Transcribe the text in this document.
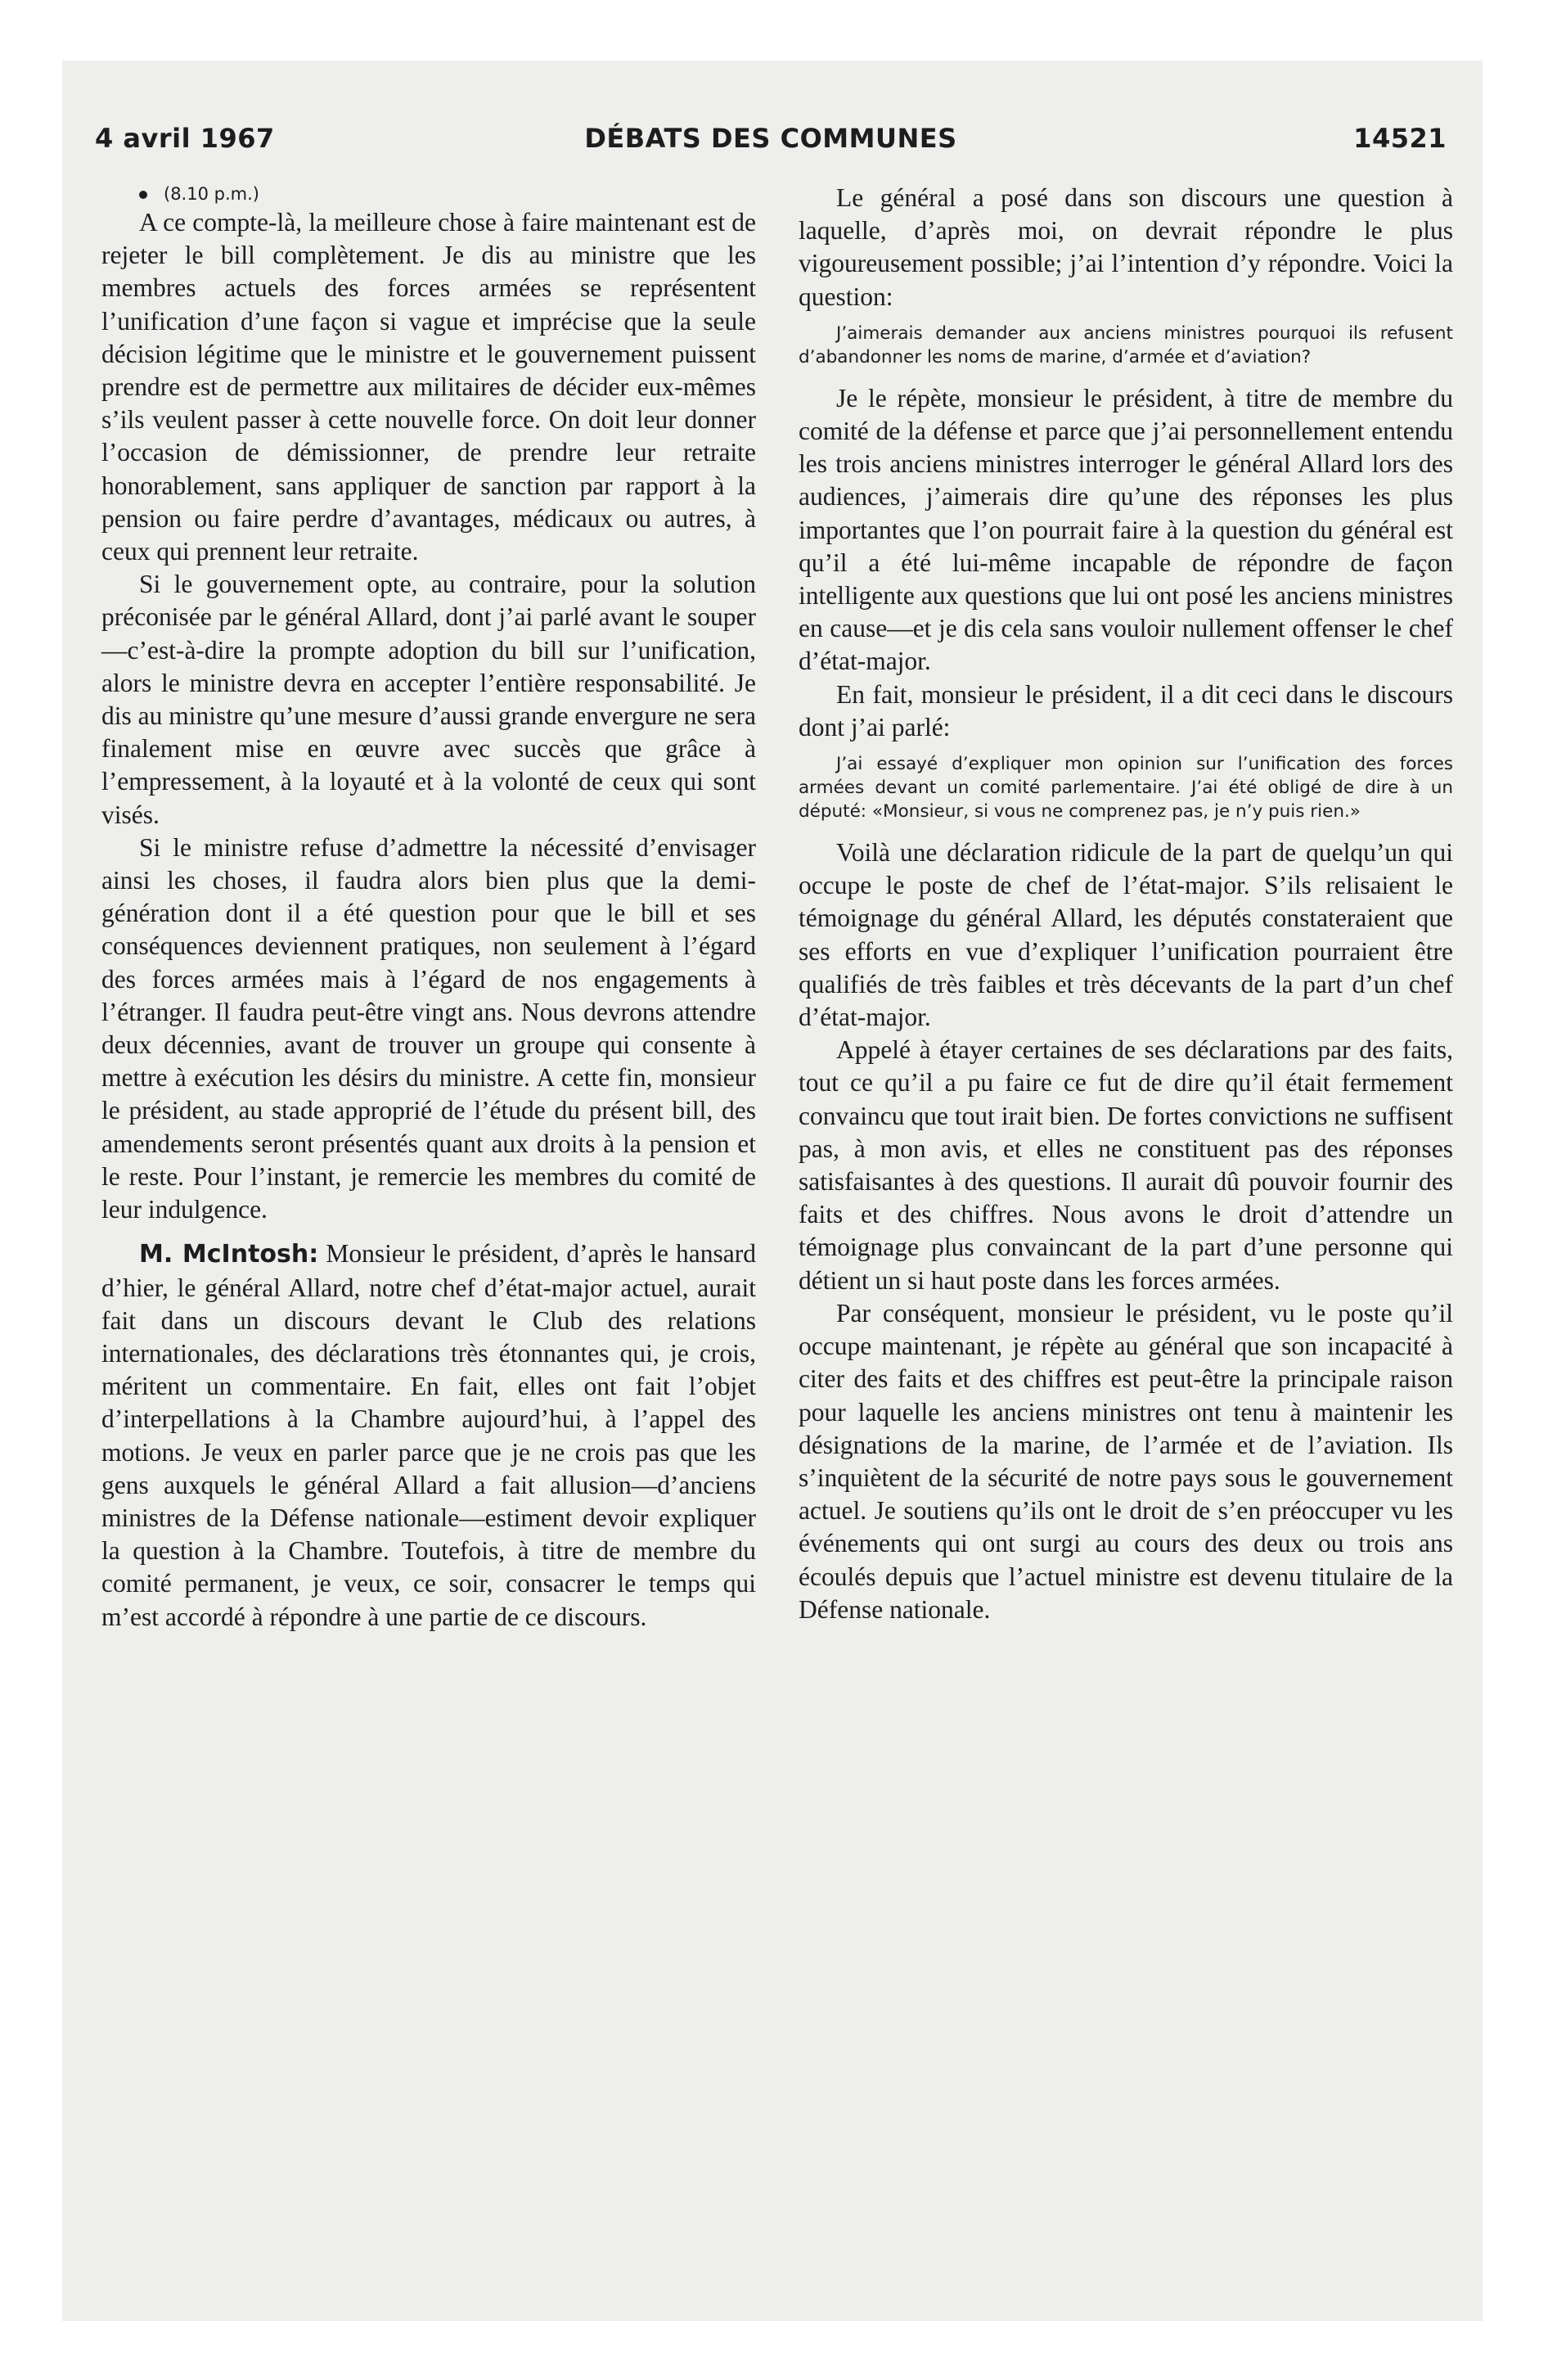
4 avril 1967	DÉBATS DES COMMUNES	14521

(8.10 p.m.)

A ce compte-là, la meilleure chose à faire maintenant est de rejeter le bill complètement. Je dis au ministre que les membres actuels des forces armées se représentent l’unification d’une façon si vague et imprécise que la seule décision légitime que le ministre et le gouvernement puissent prendre est de permettre aux militaires de décider eux-mêmes s’ils veulent passer à cette nouvelle force. On doit leur donner l’occasion de démissionner, de prendre leur retraite honorablement, sans appliquer de sanction par rapport à la pension ou faire perdre d’avantages, médicaux ou autres, à ceux qui prennent leur retraite.

Si le gouvernement opte, au contraire, pour la solution préconisée par le général Allard, dont j’ai parlé avant le souper—c’est-à-dire la prompte adoption du bill sur l’unification, alors le ministre devra en accepter l’entière responsabilité. Je dis au ministre qu’une mesure d’aussi grande envergure ne sera finalement mise en œuvre avec succès que grâce à l’empressement, à la loyauté et à la volonté de ceux qui sont visés.

Si le ministre refuse d’admettre la nécessité d’envisager ainsi les choses, il faudra alors bien plus que la demi-génération dont il a été question pour que le bill et ses conséquences deviennent pratiques, non seulement à l’égard des forces armées mais à l’égard de nos engagements à l’étranger. Il faudra peut-être vingt ans. Nous devrons attendre deux décennies, avant de trouver un groupe qui consente à mettre à exécution les désirs du ministre. A cette fin, monsieur le président, au stade approprié de l’étude du présent bill, des amendements seront présentés quant aux droits à la pension et le reste. Pour l’instant, je remercie les membres du comité de leur indulgence.

M. McIntosh: Monsieur le président, d’après le hansard d’hier, le général Allard, notre chef d’état-major actuel, aurait fait dans un discours devant le Club des relations internationales, des déclarations très étonnantes qui, je crois, méritent un commentaire. En fait, elles ont fait l’objet d’interpellations à la Chambre aujourd’hui, à l’appel des motions. Je veux en parler parce que je ne crois pas que les gens auxquels le général Allard a fait allusion—d’anciens ministres de la Défense nationale—estiment devoir expliquer la question à la Chambre. Toutefois, à titre de membre du comité permanent, je veux, ce soir, consacrer le temps qui m’est accordé à répondre à une partie de ce discours.

Le général a posé dans son discours une question à laquelle, d’après moi, on devrait répondre le plus vigoureusement possible; j’ai l’intention d’y répondre. Voici la question:

J’aimerais demander aux anciens ministres pourquoi ils refusent d’abandonner les noms de marine, d’armée et d’aviation?

Je le répète, monsieur le président, à titre de membre du comité de la défense et parce que j’ai personnellement entendu les trois anciens ministres interroger le général Allard lors des audiences, j’aimerais dire qu’une des réponses les plus importantes que l’on pourrait faire à la question du général est qu’il a été lui-même incapable de répondre de façon intelligente aux questions que lui ont posé les anciens ministres en cause—et je dis cela sans vouloir nullement offenser le chef d’état-major.

En fait, monsieur le président, il a dit ceci dans le discours dont j’ai parlé:

J’ai essayé d’expliquer mon opinion sur l’unification des forces armées devant un comité parlementaire. J’ai été obligé de dire à un député: «Monsieur, si vous ne comprenez pas, je n’y puis rien.»

Voilà une déclaration ridicule de la part de quelqu’un qui occupe le poste de chef de l’état-major. S’ils relisaient le témoignage du général Allard, les députés constateraient que ses efforts en vue d’expliquer l’unification pourraient être qualifiés de très faibles et très décevants de la part d’un chef d’état-major.

Appelé à étayer certaines de ses déclarations par des faits, tout ce qu’il a pu faire ce fut de dire qu’il était fermement convaincu que tout irait bien. De fortes convictions ne suffisent pas, à mon avis, et elles ne constituent pas des réponses satisfaisantes à des questions. Il aurait dû pouvoir fournir des faits et des chiffres. Nous avons le droit d’attendre un témoignage plus convaincant de la part d’une personne qui détient un si haut poste dans les forces armées.

Par conséquent, monsieur le président, vu le poste qu’il occupe maintenant, je répète au général que son incapacité à citer des faits et des chiffres est peut-être la principale raison pour laquelle les anciens ministres ont tenu à maintenir les désignations de la marine, de l’armée et de l’aviation. Ils s’inquiètent de la sécurité de notre pays sous le gouvernement actuel. Je soutiens qu’ils ont le droit de s’en préoccuper vu les événements qui ont surgi au cours des deux ou trois ans écoulés depuis que l’actuel ministre est devenu titulaire de la Défense nationale.
